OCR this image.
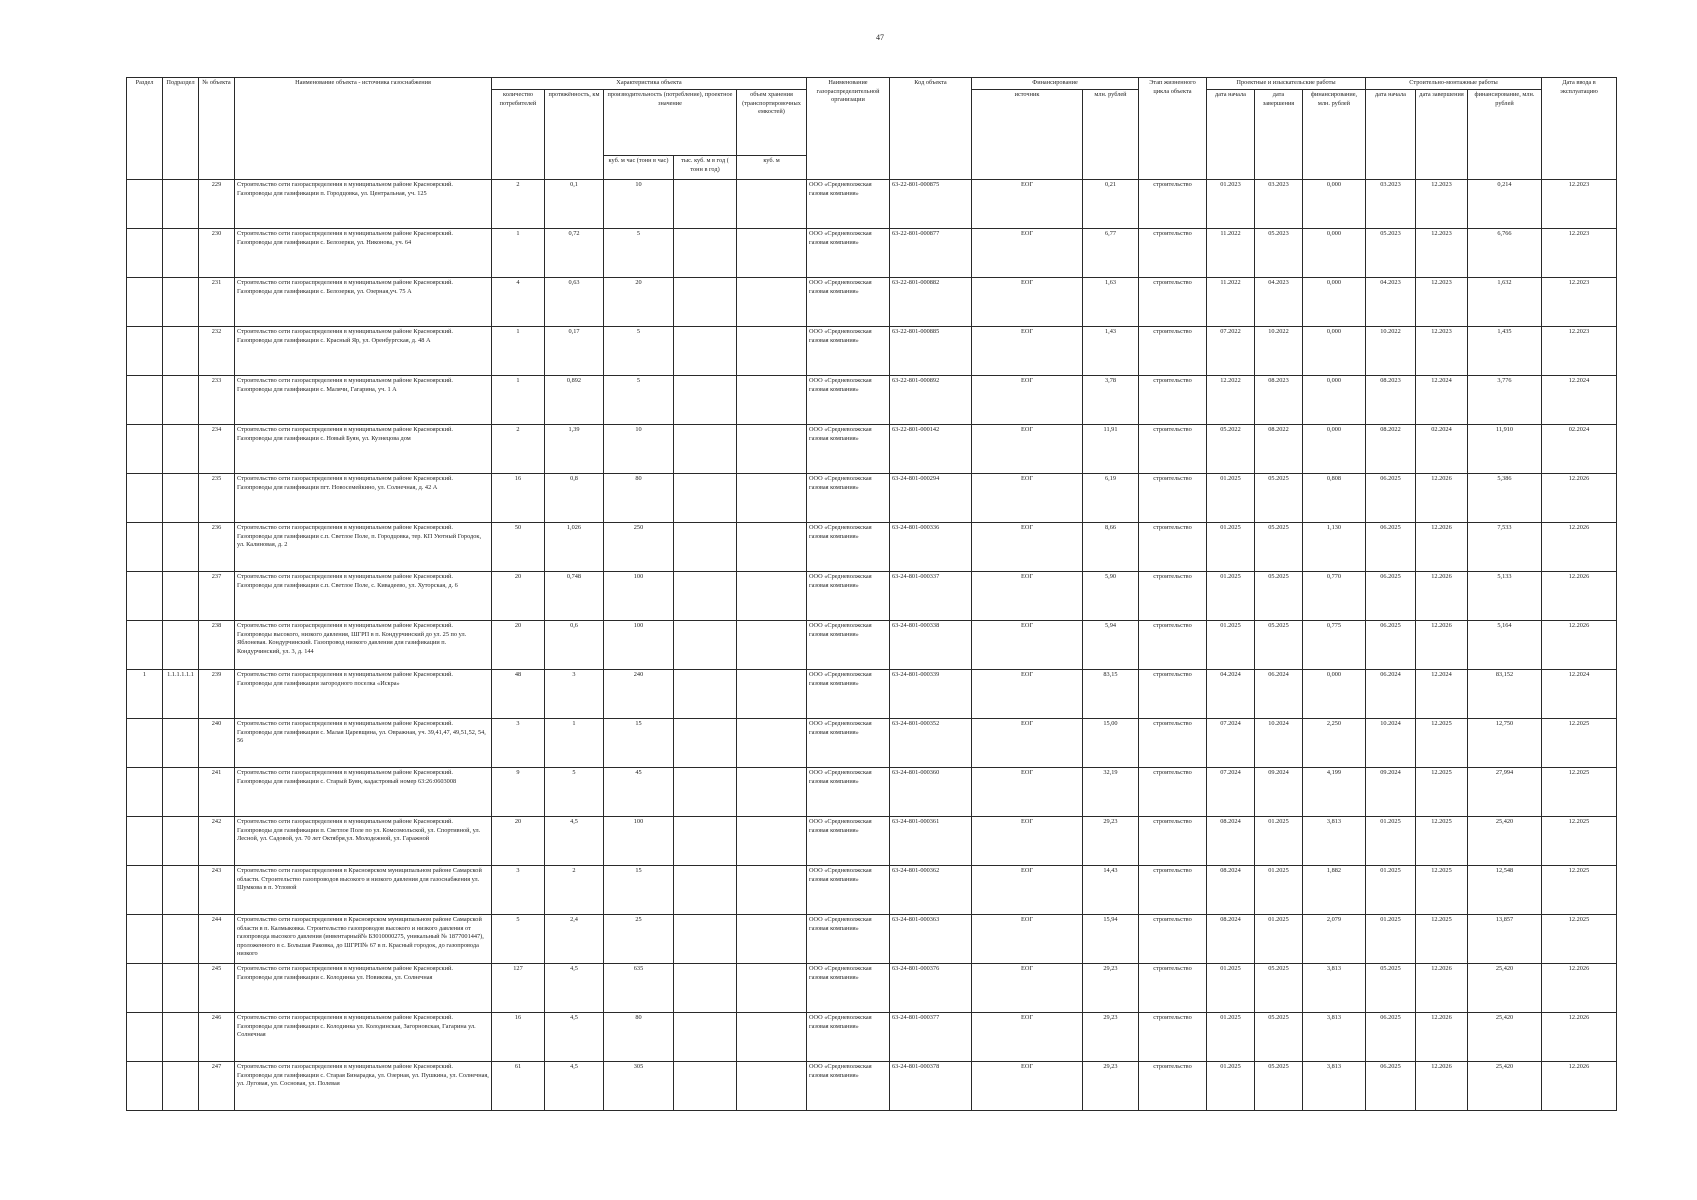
47
Раздел	Подраздел	№ объекта	Наименование объекта - источника газоснабжения	Характеристика объекта					Наименование газораспределительной организации	Код объекта	Финансирование		Этап жизненного цикла объекта	Проектные и изыскательские работы			Строительно-монтажные работы			Дата ввода в эксплуатацию
				количество потребителей	протяжённость, км	производительность (потребление), проектное значение		объем хранения (транспортировочных емкостей)			источник	млн. рублей		дата начала	дата завершения	финансирование, млн. рублей	дата начала	дата завершения	финансирование, млн. рублей	
						куб. м час (тонн в час)	тыс. куб. м в год ( тонн в год)	куб. м												
		229	Строительство сети газораспределения в муниципальном районе Красноярский. Газопроводы для газификации п. Городцовка, ул. Центральная, уч. 125	2	0,1	10			ООО «Средневолжская газовая компания»	63-22-801-000875	ЕОГ	0,21	строительство	01.2023	03.2023	0,000	03.2023	12.2023	0,214	12.2023
		230	Строительство сети газораспределения в муниципальном районе Красноярский. Газопроводы для газификации с. Белозерки, ул. Никонова, уч. 64	1	0,72	5			ООО «Средневолжская газовая компания»	63-22-801-000877	ЕОГ	6,77	строительство	11.2022	05.2023	0,000	05.2023	12.2023	6,766	12.2023
		231	Строительство сети газораспределения в муниципальном районе Красноярский. Газопроводы для газификации с. Белозерки, ул. Озерная,уч. 75 А	4	0,63	20			ООО «Средневолжская газовая компания»	63-22-801-000882	ЕОГ	1,63	строительство	11.2022	04.2023	0,000	04.2023	12.2023	1,632	12.2023
		232	Строительство сети газораспределения в муниципальном районе Красноярский. Газопроводы для газификации с. Красный Яр, ул. Оренбургская, д. 48 А	1	0,17	5			ООО «Средневолжская газовая компания»	63-22-801-000885	ЕОГ	1,43	строительство	07.2022	10.2022	0,000	10.2022	12.2023	1,435	12.2023
		233	Строительство сети газораспределения в муниципальном районе Красноярский. Газопроводы для газификации с. Малячи, Гагарина, уч. 1 А	1	0,892	5			ООО «Средневолжская газовая компания»	63-22-801-000892	ЕОГ	3,78	строительство	12.2022	08.2023	0,000	08.2023	12.2024	3,776	12.2024
		234	Строительство сети газораспределения в муниципальном районе Красноярский. Газопроводы для газификации с. Новый Буян, ул. Кузнецова дом	2	1,39	10			ООО «Средневолжская газовая компания»	63-22-801-000142	ЕОГ	11,91	строительство	05.2022	08.2022	0,000	08.2022	02.2024	11,910	02.2024
		235	Строительство сети газораспределения в муниципальном районе Красноярский. Газопроводы для газификации пгт. Новосемейкино, ул. Солнечная, д. 42 А	16	0,8	80			ООО «Средневолжская газовая компания»	63-24-801-000294	ЕОГ	6,19	строительство	01.2025	05.2025	0,808	06.2025	12.2026	5,386	12.2026
		236	Строительство сети газораспределения в муниципальном районе Красноярский. Газопроводы для газификации с.п. Светлое Поле, п. Городцовка, тер. КП Уютный Городок, ул. Калиновая, д. 2	50	1,026	250			ООО «Средневолжская газовая компания»	63-24-801-000336	ЕОГ	8,66	строительство	01.2025	05.2025	1,130	06.2025	12.2026	7,533	12.2026
		237	Строительство сети газораспределения в муниципальном районе Красноярский. Газопроводы для газификации с.п. Светлое Поле, с. Кивадеево, ул. Хуторская, д. 6	20	0,748	100			ООО «Средневолжская газовая компания»	63-24-801-000337	ЕОГ	5,90	строительство	01.2025	05.2025	0,770	06.2025	12.2026	5,133	12.2026
		238	Строительство сети газораспределения в муниципальном районе Красноярский. Газопроводы высокого, низкого давления, ШГРП в п. Кондурчинский до ул. 25 по ул. Яблоневая. Кондурчинский. Газопровод низкого давления для газификации п. Кондурчинский, ул. 3, д. 144	20	0,6	100			ООО «Средневолжская газовая компания»	63-24-801-000338	ЕОГ	5,94	строительство	01.2025	05.2025	0,775	06.2025	12.2026	5,164	12.2026
1	1.1.1.1.1.1	239	Строительство сети газораспределения в муниципальном районе Красноярский. Газопроводы для газификации загородного поселка «Искра»	48	3	240			ООО «Средневолжская газовая компания»	63-24-801-000339	ЕОГ	83,15	строительство	04.2024	06.2024	0,000	06.2024	12.2024	83,152	12.2024
		240	Строительство сети газораспределения в муниципальном районе Красноярский. Газопроводы для газификации с. Малая Царевщина, ул. Овражная, уч. 39,41,47, 49,51,52, 54, 56	3	1	15			ООО «Средневолжская газовая компания»	63-24-801-000352	ЕОГ	15,00	строительство	07.2024	10.2024	2,250	10.2024	12.2025	12,750	12.2025
		241	Строительство сети газораспределения в муниципальном районе Красноярский. Газопроводы для газификации с. Старый Буян, кадастровый номер 63:26:0603008	9	5	45			ООО «Средневолжская газовая компания»	63-24-801-000360	ЕОГ	32,19	строительство	07.2024	09.2024	4,199	09.2024	12.2025	27,994	12.2025
		242	Строительство сети газораспределения в муниципальном районе Красноярский. Газопроводы для газификации п. Светлое Поле по ул. Комсомольской, ул. Спортивной, ул. Лесной, ул. Садовой, ул. 70 лет Октября,ул. Молодежной, ул. Гаражной	20	4,5	100			ООО «Средневолжская газовая компания»	63-24-801-000361	ЕОГ	29,23	строительство	08.2024	01.2025	3,813	01.2025	12.2025	25,420	12.2025
		243	Строительство сети газораспределения в Красноярском муниципальном районе Самарской области. Строительство газопроводов высокого и низкого давления для газоснабжения ул. Шумкова в п. Угловой	3	2	15			ООО «Средневолжская газовая компания»	63-24-801-000362	ЕОГ	14,43	строительство	08.2024	01.2025	1,882	01.2025	12.2025	12,548	12.2025
		244	Строительство сети газораспределения в Красноярском муниципальном районе Самарской области в п. Калмыковка. Строительство газопроводов высокого и низкого давления от газопровода высокого давления (инвентарный№ БЗ010000275, уникальный № 1877001447), проложенного в с. Большая Раковка, до ШГРП№ 67 в п. Красный городок, до газопровода низкого	5	2,4	25			ООО «Средневолжская газовая компания»	63-24-801-000363	ЕОГ	15,94	строительство	08.2024	01.2025	2,079	01.2025	12.2025	13,857	12.2025
		245	Строительство сети газораспределения в муниципальном районе Красноярский. Газопроводы для газификации с. Колодинка ул. Новикова, ул. Солнечная	127	4,5	635			ООО «Средневолжская газовая компания»	63-24-801-000376	ЕОГ	29,23	строительство	01.2025	05.2025	3,813	05.2025	12.2026	25,420	12.2026
		246	Строительство сети газораспределения в муниципальном районе Красноярский. Газопроводы для газификации с. Колодинка ул. Колодинская, Загорновская, Гагарина ул. Солнечная	16	4,5	80			ООО «Средневолжская газовая компания»	63-24-801-000377	ЕОГ	29,23	строительство	01.2025	05.2025	3,813	06.2025	12.2026	25,420	12.2026
		247	Строительство сети газораспределения в муниципальном районе Красноярский. Газопроводы для газификации с. Старая Бинарадка, ул. Озерная, ул. Пушкина, ул. Солнечная, ул. Луговая, ул. Сосновая, ул. Полевая	61	4,5	305			ООО «Средневолжская газовая компания»	63-24-801-000378	ЕОГ	29,23	строительство	01.2025	05.2025	3,813	06.2025	12.2026	25,420	12.2026
